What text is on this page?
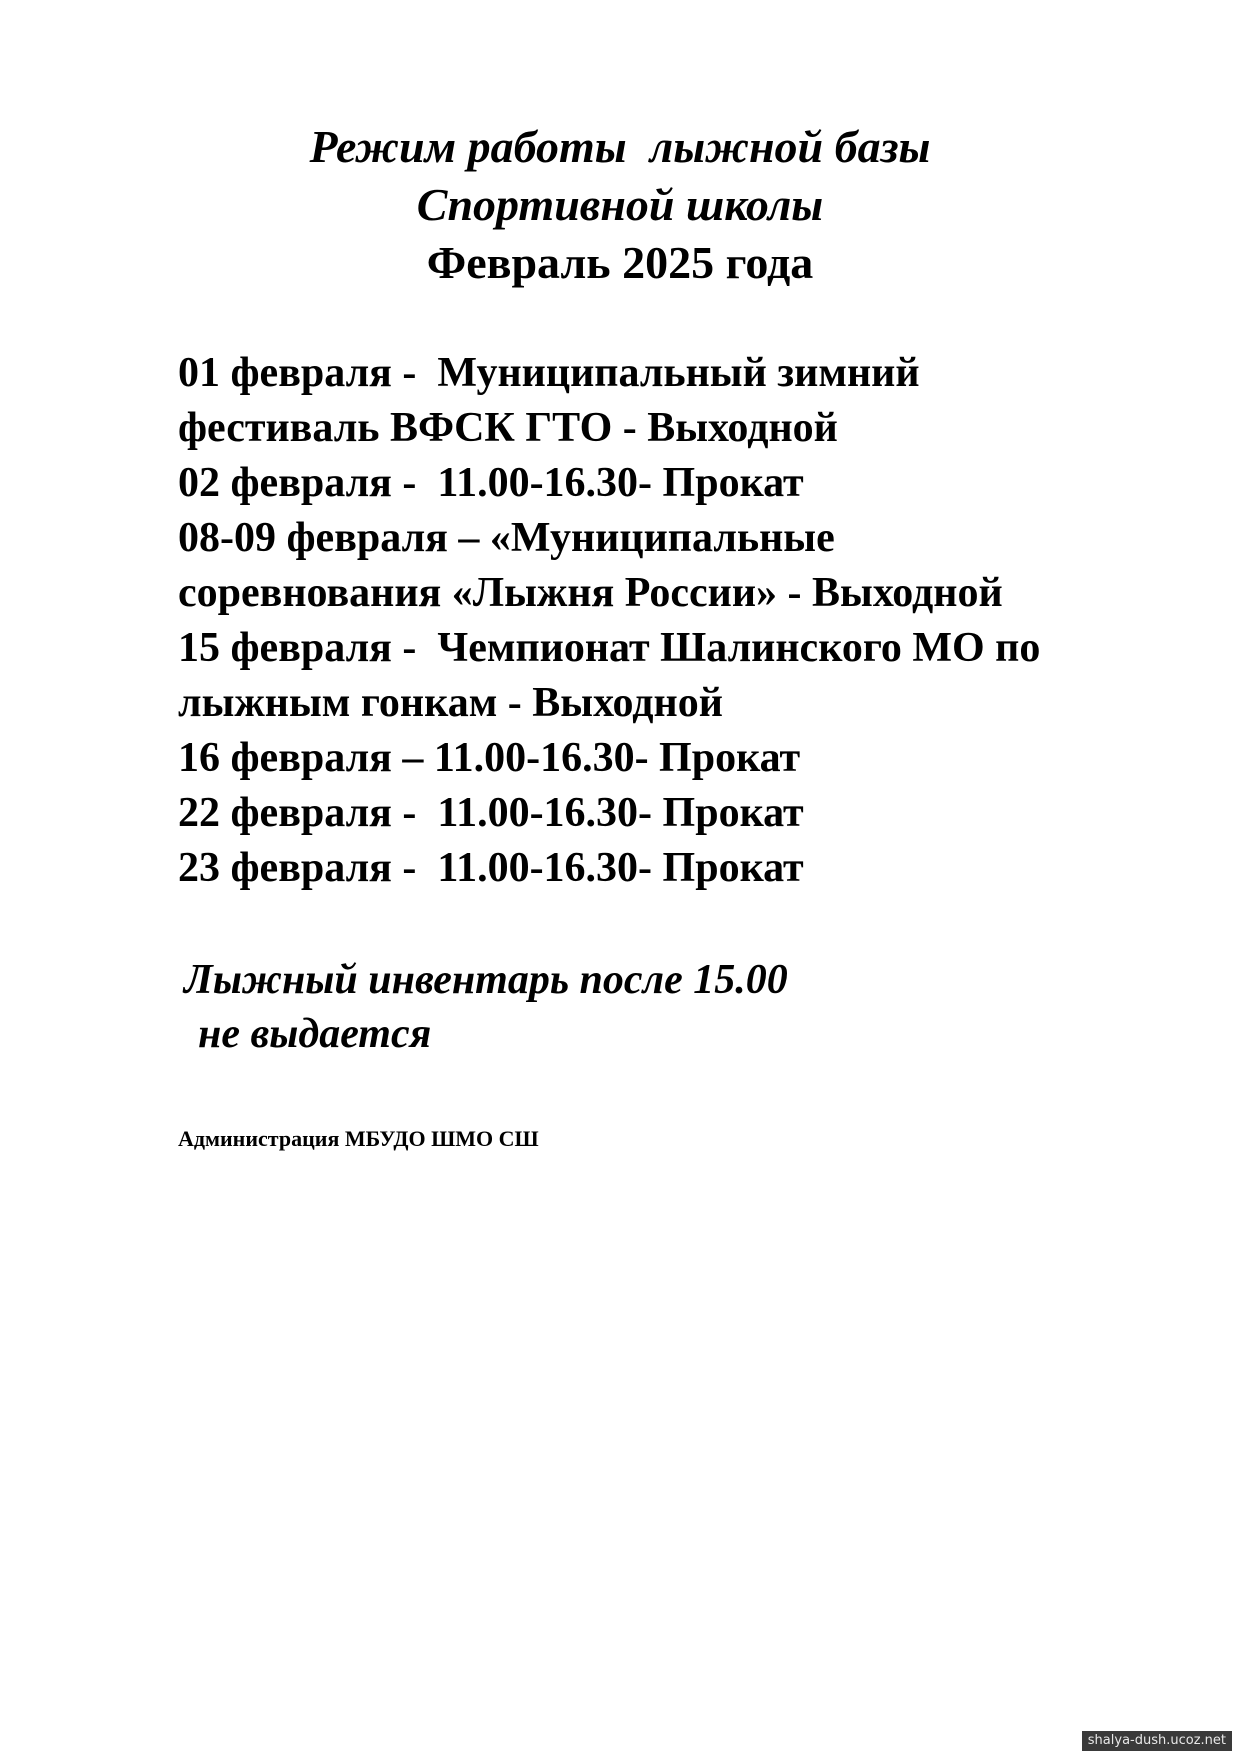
Режим работы  лыжной базы
Спортивной школы
Февраль 2025 года
01 февраля -  Муниципальный зимний
фестиваль ВФСК ГТО - Выходной
02 февраля -  11.00-16.30- Прокат
08-09 февраля – «Муниципальные
соревнования «Лыжня России» - Выходной
15 февраля -  Чемпионат Шалинского МО по
лыжным гонкам - Выходной
16 февраля – 11.00-16.30- Прокат
22 февраля -  11.00-16.30- Прокат
23 февраля -  11.00-16.30- Прокат
Лыжный инвентарь после 15.00
не выдается
Администрация МБУДО ШМО СШ
shalya-dush.ucoz.net
